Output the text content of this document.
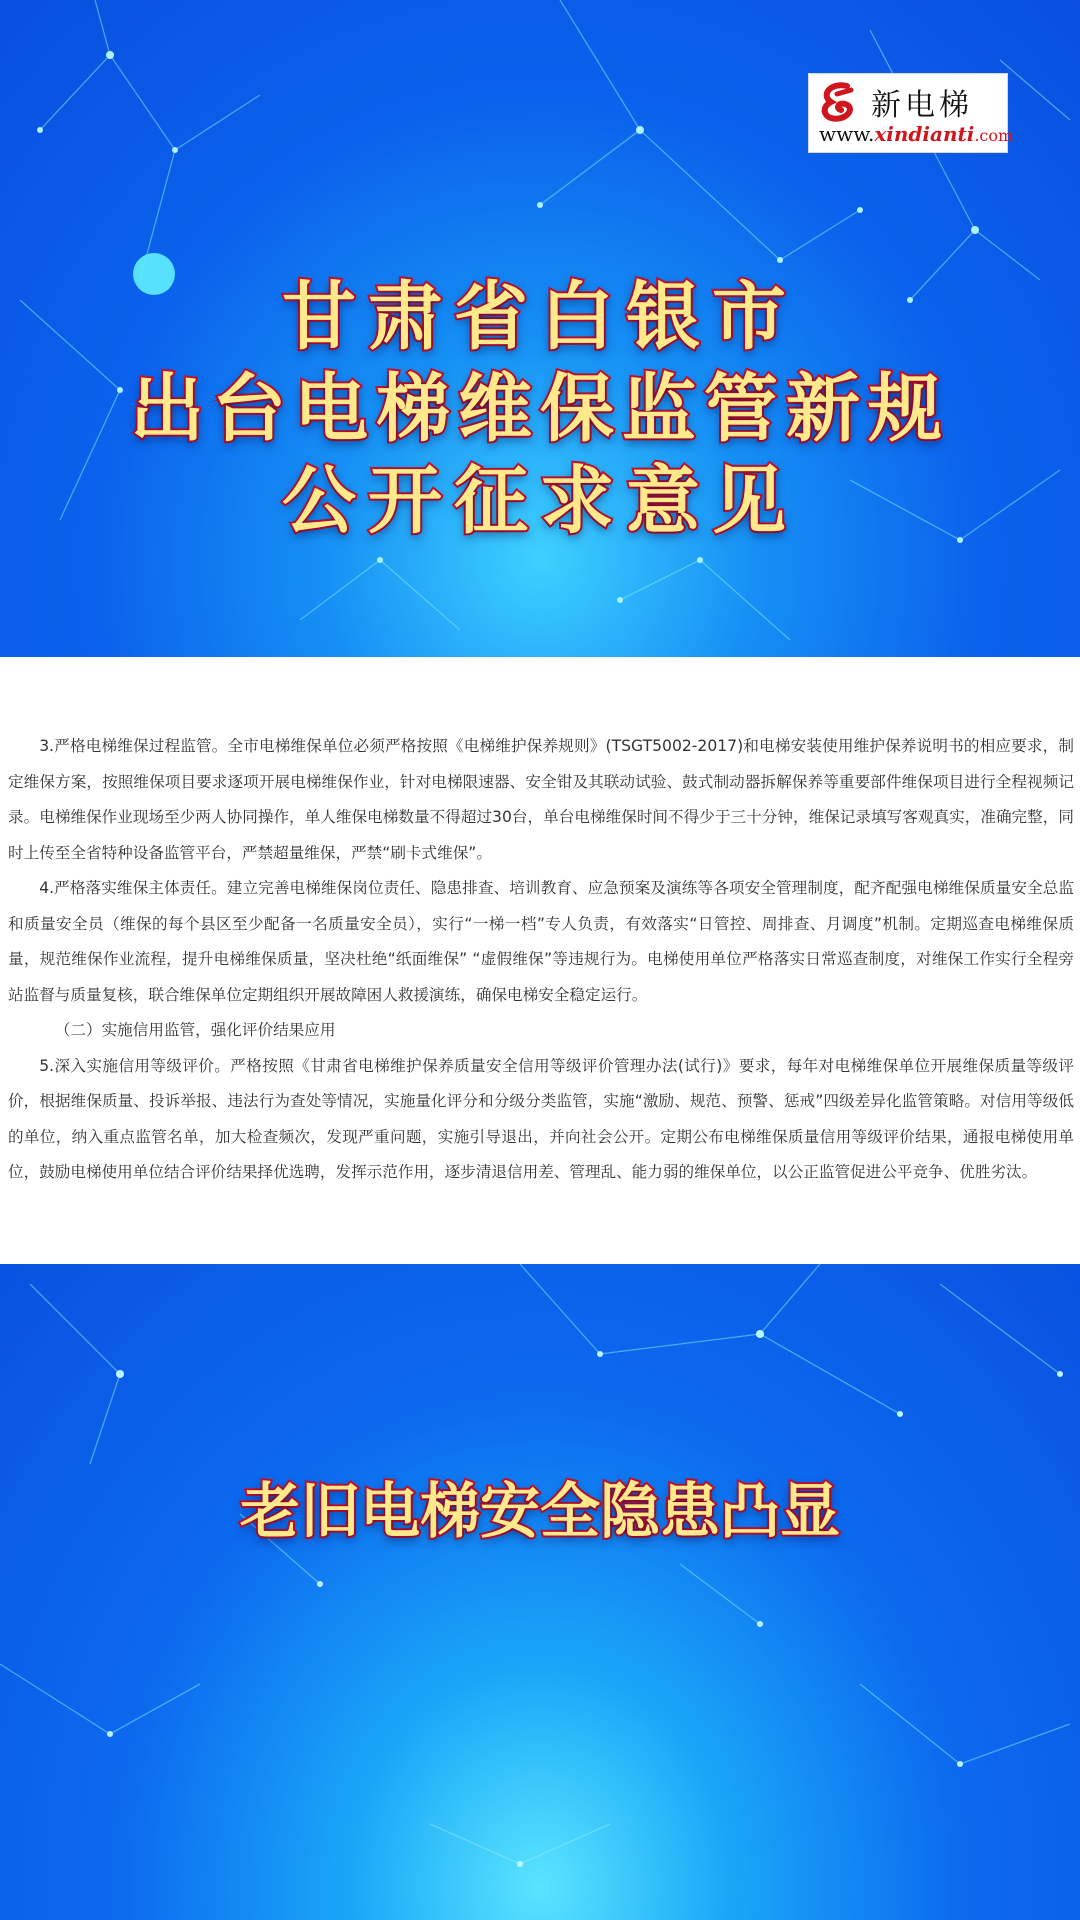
新电梯
www.xindianti.com
甘肃省白银市
出台电梯维保监管新规
公开征求意见

3.严格电梯维保过程监管。全市电梯维保单位必须严格按照《电梯维护保养规则》(TSGT5002-2017)和电梯安装使用维护保养说明书的相应要求，制定维保方案，按照维保项目要求逐项开展电梯维保作业，针对电梯限速器、安全钳及其联动试验、鼓式制动器拆解保养等重要部件维保项目进行全程视频记录。电梯维保作业现场至少两人协同操作，单人维保电梯数量不得超过30台，单台电梯维保时间不得少于三十分钟，维保记录填写客观真实，准确完整，同时上传至全省特种设备监管平台，严禁超量维保，严禁“刷卡式维保”。

4.严格落实维保主体责任。建立完善电梯维保岗位责任、隐患排查、培训教育、应急预案及演练等各项安全管理制度，配齐配强电梯维保质量安全总监和质量安全员（维保的每个县区至少配备一名质量安全员），实行“一梯一档”专人负责，有效落实“日管控、周排查、月调度”机制。定期巡查电梯维保质量，规范维保作业流程，提升电梯维保质量，坚决杜绝“纸面维保” “虚假维保”等违规行为。电梯使用单位严格落实日常巡查制度，对维保工作实行全程旁站监督与质量复核，联合维保单位定期组织开展故障困人救援演练，确保电梯安全稳定运行。

（二）实施信用监管，强化评价结果应用

5.深入实施信用等级评价。严格按照《甘肃省电梯维护保养质量安全信用等级评价管理办法(试行)》要求，每年对电梯维保单位开展维保质量等级评价，根据维保质量、投诉举报、违法行为查处等情况，实施量化评分和分级分类监管，实施“激励、规范、预警、惩戒”四级差异化监管策略。对信用等级低的单位，纳入重点监管名单，加大检查频次，发现严重问题，实施引导退出，并向社会公开。定期公布电梯维保质量信用等级评价结果，通报电梯使用单位，鼓励电梯使用单位结合评价结果择优选聘，发挥示范作用，逐步清退信用差、管理乱、能力弱的维保单位，以公正监管促进公平竞争、优胜劣汰。

老旧电梯安全隐患凸显
